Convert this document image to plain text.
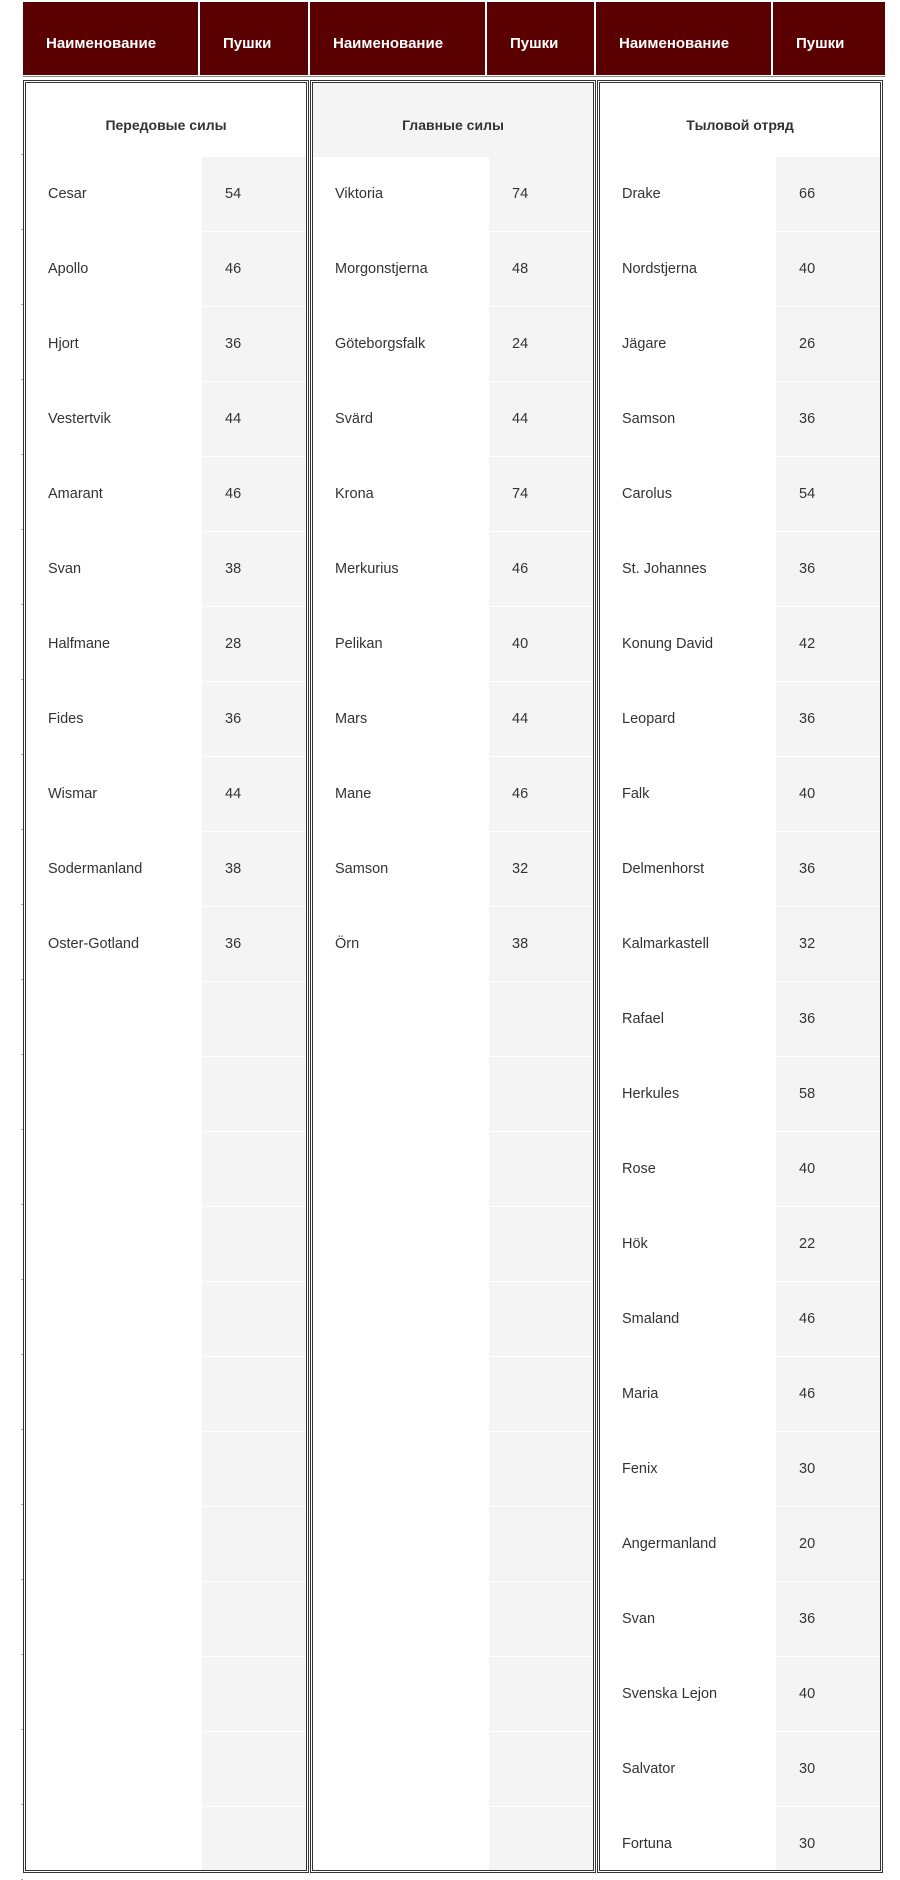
Наименование	Пушки	Наименование	Пушки	Наименование	Пушки
Передовые силы
Cesar	54
Apollo	46
Hjort	36
Vestertvik	44
Amarant	46
Svan	38
Halfmane	28
Fides	36
Wismar	44
Sodermanland	38
Oster-Gotland	36
Главные силы
Viktoria	74
Morgonstjerna	48
Göteborgsfalk	24
Svärd	44
Krona	74
Merkurius	46
Pelikan	40
Mars	44
Mane	46
Samson	32
Örn	38
Тыловой отряд
Drake	66
Nordstjerna	40
Jägare	26
Samson	36
Carolus	54
St. Johannes	36
Konung David	42
Leopard	36
Falk	40
Delmenhorst	36
Kalmarkastell	32
Rafael	36
Herkules	58
Rose	40
Hök	22
Smaland	46
Maria	46
Fenix	30
Angermanland	20
Svan	36
Svenska Lejon	40
Salvator	30
Fortuna	30
